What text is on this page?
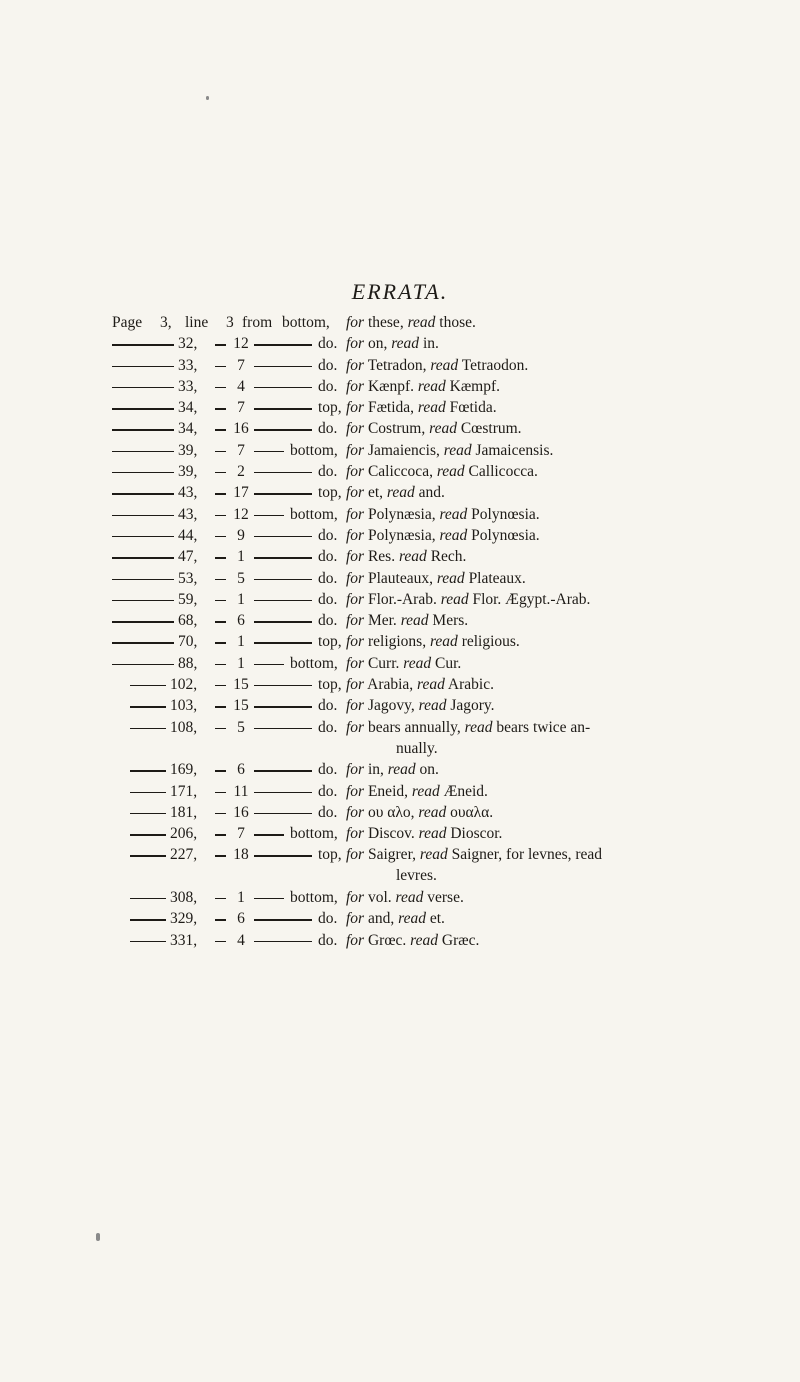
ERRATA.
Page 3, line 3 from bottom,	for these, read those.
32, 12	do. for on, read in.
33,	7	do. for Tetradon, read Tetraodon.
33,	4	do. for Kænpf. read Kæmpf.
34,	7	top, for Fætida, read Fœtida.
34, 16	do. for Costrum, read Cœstrum.
39,	7	bottom, for Jamaiencis, read Jamaicensis.
39,	2	do. for Caliccoca, read Callicocca.
43, 17	top, for et, read and.
43, 12	bottom, for Polynæsia, read Polynœsia.
44,	9	do. for Polynæsia, read Polynœsia.
47,	1	do. for Res. read Rech.
53,	5	do. for Plauteaux, read Plateaux.
59,	1	do. for Flor.-Arab. read Flor. Ægypt.-Arab.
68,	6	do. for Mer. read Mers.
70,	1	top, for religions, read religious.
88,	1	bottom, for Curr. read Cur.
102, 15	top, for Arabia, read Arabic.
103, 15	do. for Jagovy, read Jagory.
108,	5	do. for bears annually, read bears twice an-
nually.
169,	6	do. for in, read on.
171, 11	do. for Eneid, read Æneid.
181, 16	do. for ου αλο, read ουαλα.
206,	7	bottom, for Discov. read Dioscor.
227, 18	top, for Saigrer, read Saigner, for levnes, read
levres.
308,	1	bottom, for vol. read verse.
329,	6	do. for and, read et.
331,	4	do. for Grœc. read Græc.
